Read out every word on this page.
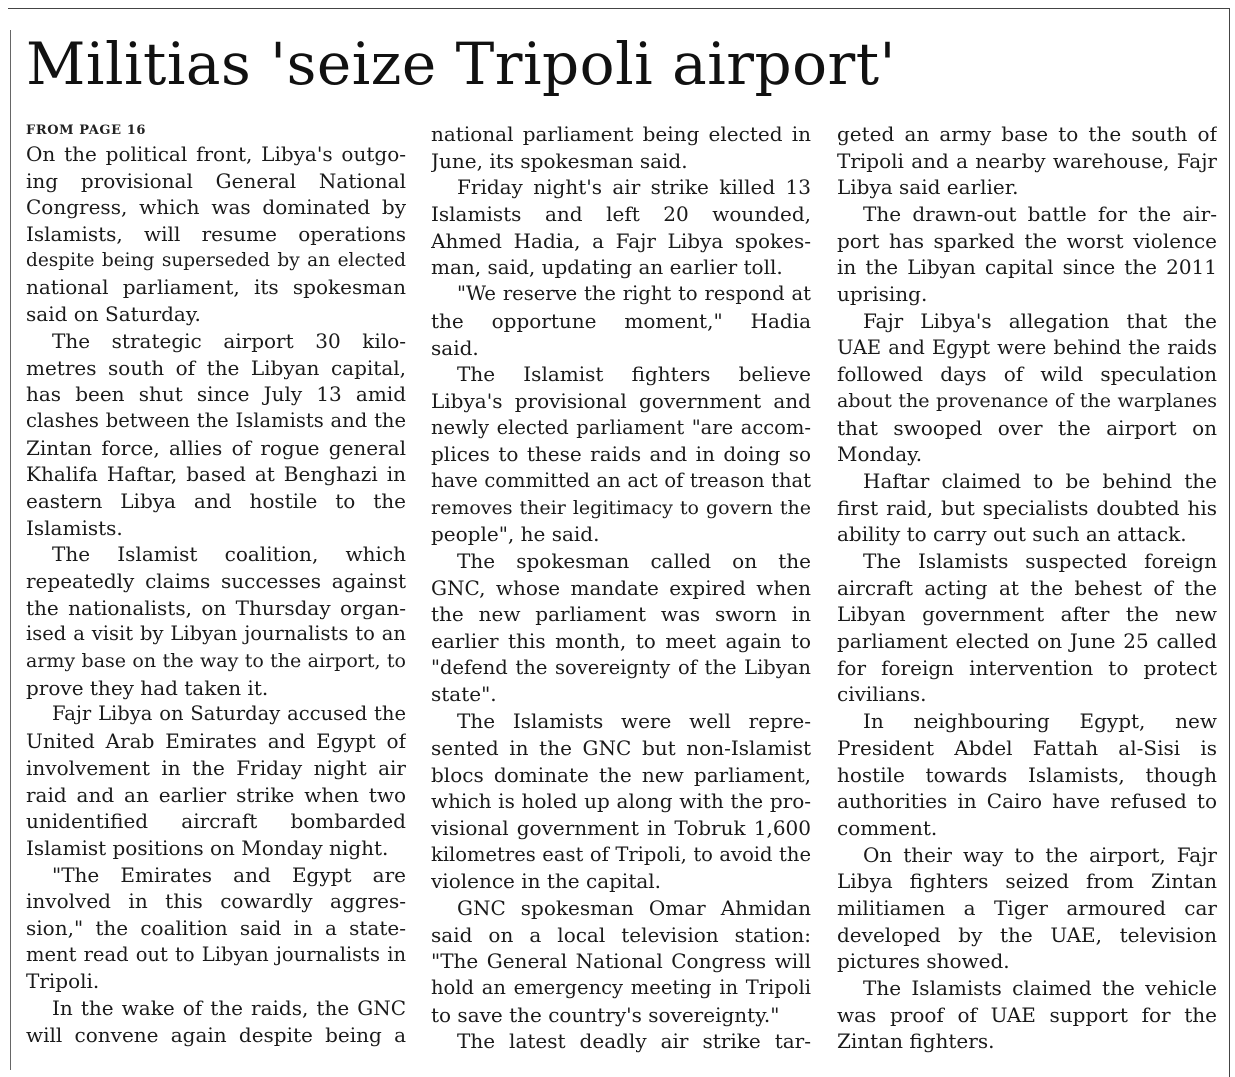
Militias 'seize Tripoli airport'
FROM PAGE 16
On the political front, Libya's outgo-
ing provisional General National
Congress, which was dominated by
Islamists, will resume operations
despite being superseded by an elected
national parliament, its spokesman
said on Saturday.
The strategic airport 30 kilo-
metres south of the Libyan capital,
has been shut since July 13 amid
clashes between the Islamists and the
Zintan force, allies of rogue general
Khalifa Haftar, based at Benghazi in
eastern Libya and hostile to the
Islamists.
The Islamist coalition, which
repeatedly claims successes against
the nationalists, on Thursday organ-
ised a visit by Libyan journalists to an
army base on the way to the airport, to
prove they had taken it.
Fajr Libya on Saturday accused the
United Arab Emirates and Egypt of
involvement in the Friday night air
raid and an earlier strike when two
unidentified aircraft bombarded
Islamist positions on Monday night.
"The Emirates and Egypt are
involved in this cowardly aggres-
sion," the coalition said in a state-
ment read out to Libyan journalists in
Tripoli.
In the wake of the raids, the GNC
will convene again despite being a
national parliament being elected in
June, its spokesman said.
Friday night's air strike killed 13
Islamists and left 20 wounded,
Ahmed Hadia, a Fajr Libya spokes-
man, said, updating an earlier toll.
"We reserve the right to respond at
the opportune moment," Hadia
said.
The Islamist fighters believe
Libya's provisional government and
newly elected parliament "are accom-
plices to these raids and in doing so
have committed an act of treason that
removes their legitimacy to govern the
people", he said.
The spokesman called on the
GNC, whose mandate expired when
the new parliament was sworn in
earlier this month, to meet again to
"defend the sovereignty of the Libyan
state".
The Islamists were well repre-
sented in the GNC but non-Islamist
blocs dominate the new parliament,
which is holed up along with the pro-
visional government in Tobruk 1,600
kilometres east of Tripoli, to avoid the
violence in the capital.
GNC spokesman Omar Ahmidan
said on a local television station:
"The General National Congress will
hold an emergency meeting in Tripoli
to save the country's sovereignty."
The latest deadly air strike tar-
geted an army base to the south of
Tripoli and a nearby warehouse, Fajr
Libya said earlier.
The drawn-out battle for the air-
port has sparked the worst violence
in the Libyan capital since the 2011
uprising.
Fajr Libya's allegation that the
UAE and Egypt were behind the raids
followed days of wild speculation
about the provenance of the warplanes
that swooped over the airport on
Monday.
Haftar claimed to be behind the
first raid, but specialists doubted his
ability to carry out such an attack.
The Islamists suspected foreign
aircraft acting at the behest of the
Libyan government after the new
parliament elected on June 25 called
for foreign intervention to protect
civilians.
In neighbouring Egypt, new
President Abdel Fattah al-Sisi is
hostile towards Islamists, though
authorities in Cairo have refused to
comment.
On their way to the airport, Fajr
Libya fighters seized from Zintan
militiamen a Tiger armoured car
developed by the UAE, television
pictures showed.
The Islamists claimed the vehicle
was proof of UAE support for the
Zintan fighters.
